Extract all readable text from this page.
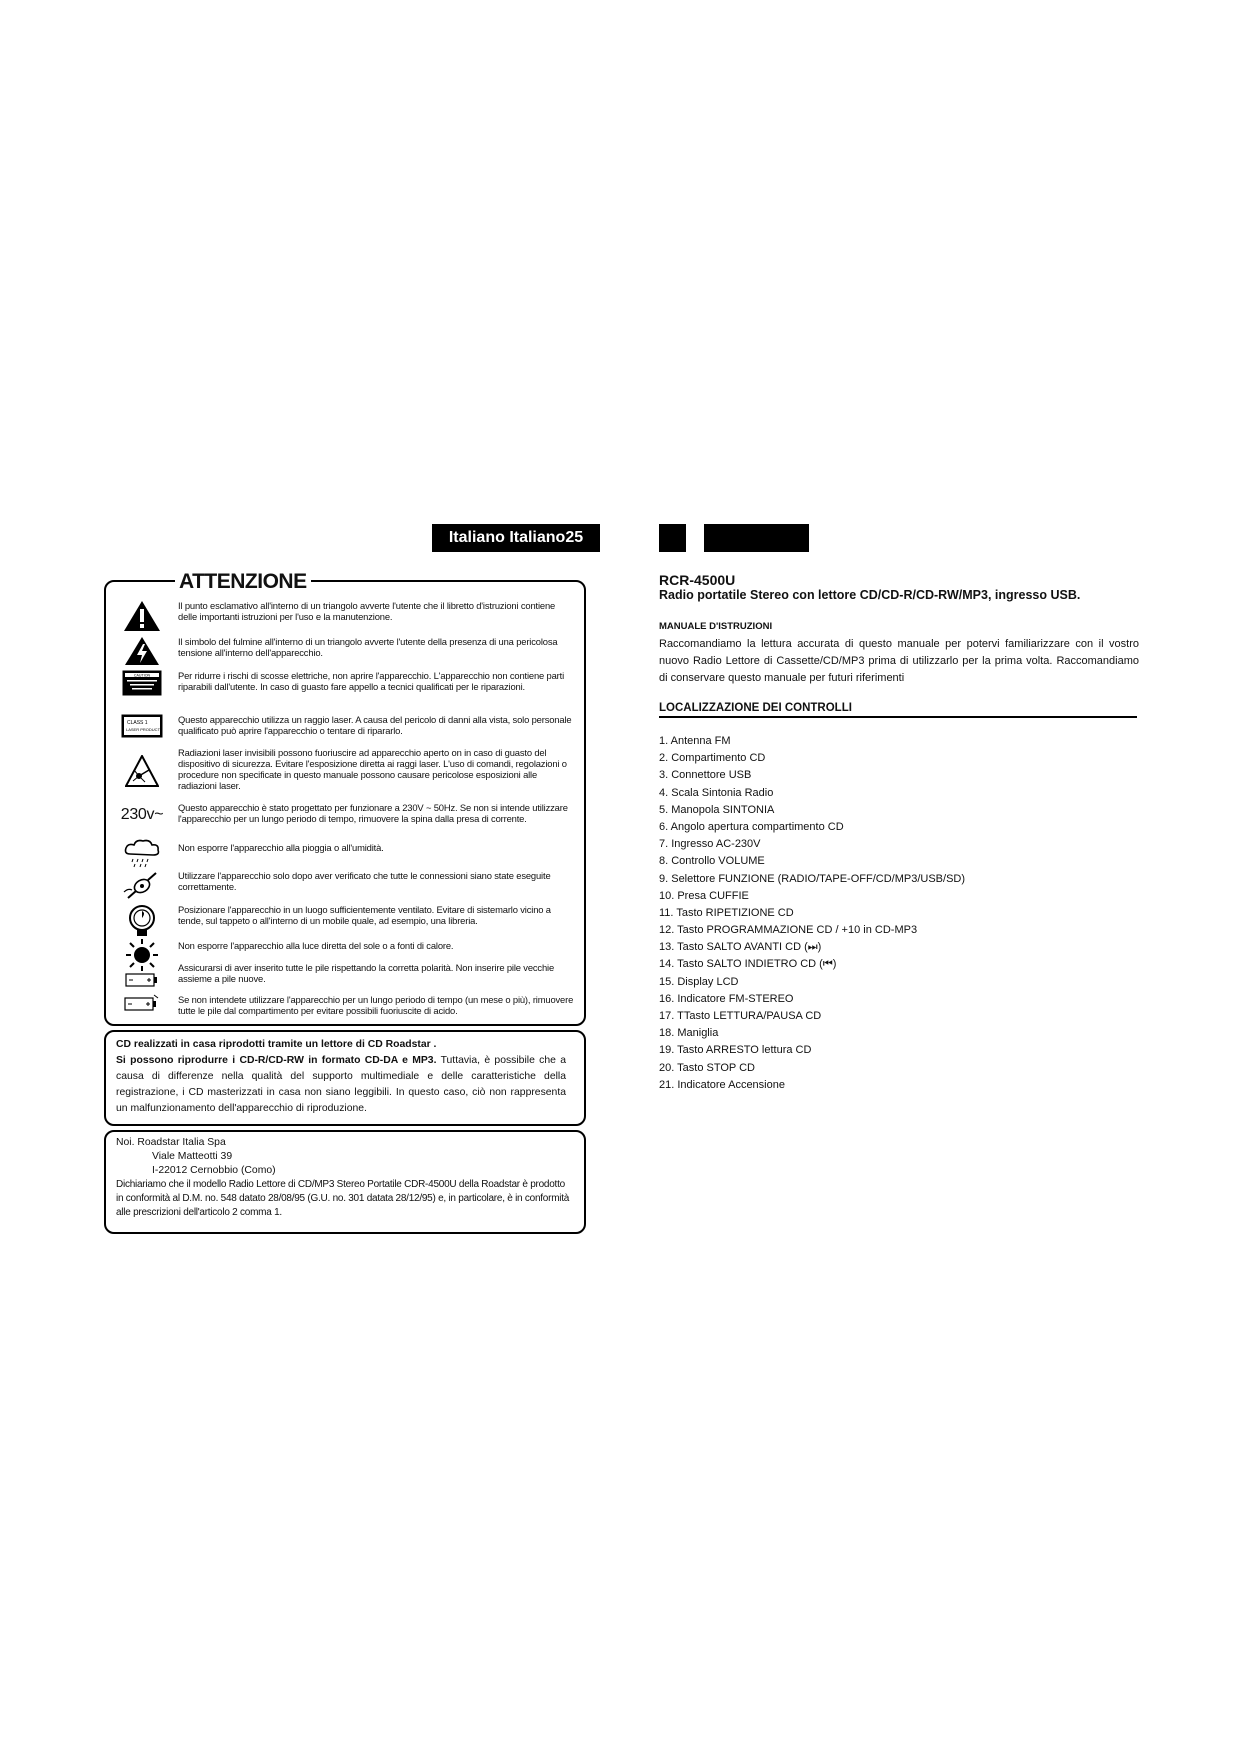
Italiano Italiano25
ATTENZIONE
Il punto esclamativo all'interno di un triangolo avverte l'utente che il libretto d'istruzioni contiene delle importanti istruzioni per l'uso e la manutenzione.
Il simbolo del fulmine all'interno di un triangolo avverte l'utente della presenza di una pericolosa tensione all'interno dell'apparecchio.
CAUTION	Per ridurre i rischi di scosse elettriche, non aprire l'apparecchio. L'apparecchio non contiene parti riparabili dall'utente. In caso di guasto fare appello a tecnici qualificati per le riparazioni.
CLASS 1
LASER PRODUCT
Questo apparecchio utilizza un raggio laser. A causa del pericolo di danni alla vista, solo personale qualificato può aprire l'apparecchio o tentare di ripararlo.
Radiazioni laser invisibili possono fuoriuscire ad apparecchio aperto on in caso di guasto del dispositivo di sicurezza. Evitare l'esposizione diretta ai raggi laser. L'uso di comandi, regolazioni o procedure non specificate in questo manuale possono causare pericolose esposizioni alle radiazioni laser.
230v~	Questo apparecchio è stato progettato per funzionare a 230V ~ 50Hz. Se non si intende utilizzare l'apparecchio per un lungo periodo di tempo, rimuovere la spina dalla presa di corrente.
Non esporre l'apparecchio alla pioggia o all'umidità.
Utilizzare l'apparecchio solo dopo aver verificato che tutte le connessioni siano state eseguite correttamente.
Posizionare l'apparecchio in un luogo sufficientemente ventilato. Evitare di sistemarlo vicino a tende, sul tappeto o all'interno di un mobile quale, ad esempio, una libreria.
Non esporre l'apparecchio alla luce diretta del sole o a fonti di calore.
Assicurarsi di aver inserito tutte le pile rispettando la corretta polarità. Non inserire pile vecchie assieme a pile nuove.
Se non intendete utilizzare l'apparecchio per un lungo periodo di tempo (un mese o più), rimuovere tutte le pile dal compartimento per evitare possibili fuoriuscite di acido.
CD realizzati in casa riprodotti tramite un lettore di CD Roadstar .
Si possono riprodurre i CD-R/CD-RW in formato CD-DA e MP3. Tuttavia, è possibile che a causa di differenze nella qualità del supporto multimediale e delle caratteristiche della registrazione, i CD masterizzati in casa non siano leggibili. In questo caso, ciò non rappresenta un malfunzionamento dell'apparecchio di riproduzione.
Noi. Roadstar Italia Spa
Viale Matteotti 39
I-22012 Cernobbio (Como)
Dichiariamo che il modello Radio Lettore di CD/MP3 Stereo Portatile CDR-4500U della Roadstar è prodotto in conformità al D.M. no. 548 datato 28/08/95 (G.U. no. 301 datata 28/12/95) e, in particolare, è in conformità alle prescrizioni dell'articolo 2 comma 1.
RCR-4500U
Radio portatile Stereo con lettore CD/CD-R/CD-RW/MP3, ingresso USB.
MANUALE D'ISTRUZIONI
Raccomandiamo la lettura accurata di questo manuale per potervi familiarizzare con il vostro nuovo Radio Lettore di Cassette/CD/MP3 prima di utilizzarlo per la prima volta. Raccomandiamo di conservare questo manuale per futuri riferimenti
LOCALIZZAZIONE DEI CONTROLLI
1. Antenna FM
2. Compartimento CD
3. Connettore USB
4. Scala Sintonia Radio
5. Manopola SINTONIA
6. Angolo apertura compartimento CD
7. Ingresso AC-230V
8. Controllo VOLUME
9. Selettore FUNZIONE (RADIO/TAPE-OFF/CD/MP3/USB/SD)
10. Presa CUFFIE
11. Tasto RIPETIZIONE CD
12. Tasto PROGRAMMAZIONE CD / +10 in CD-MP3
13. Tasto SALTO AVANTI CD (⏭)
14. Tasto SALTO INDIETRO CD (⏮)
15. Display LCD
16. Indicatore FM-STEREO
17. TTasto LETTURA/PAUSA CD
18. Maniglia
19. Tasto ARRESTO lettura CD
20. Tasto STOP CD
21. Indicatore Accensione
